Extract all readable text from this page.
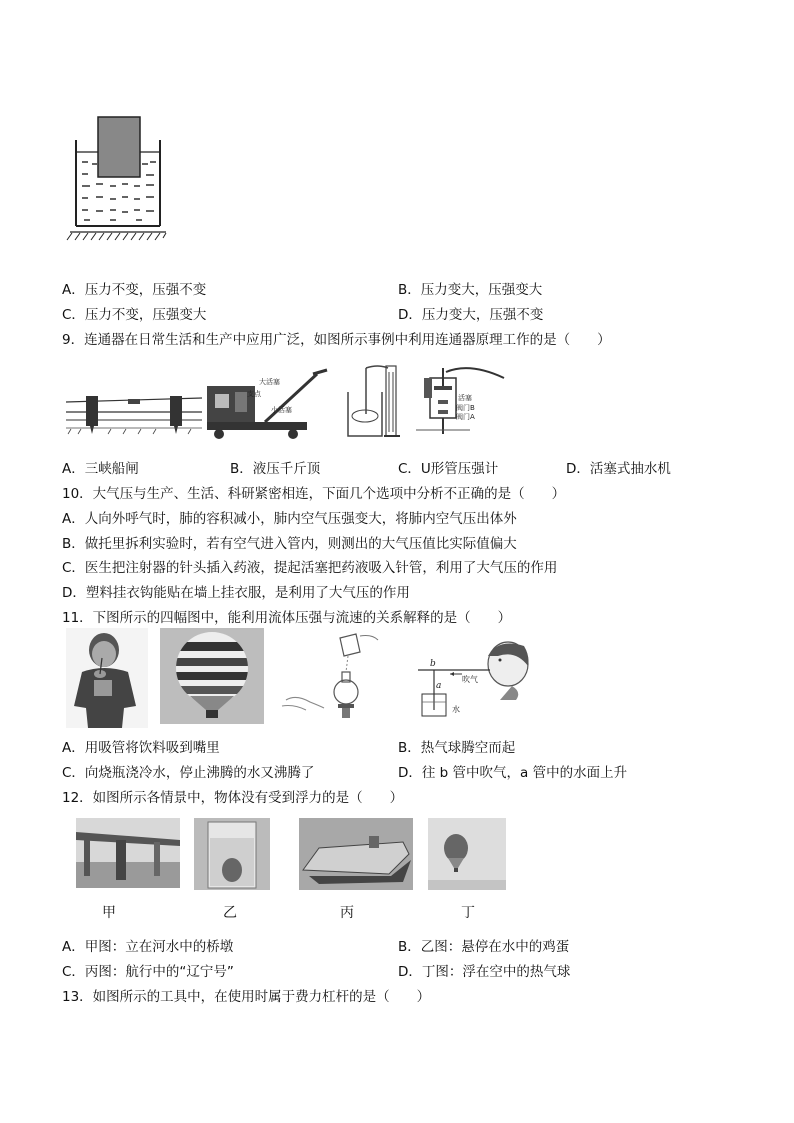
A．压力不变，压强不变	B．压力变大，压强变大
C．压力不变，压强变大	D．压力变大，压强不变
9．连通器在日常生活和生产中应用广泛，如图所示事例中利用连通器原理工作的是（　　）
大活塞
支点
小活塞
活塞
阀门B
阀门A
A．三峡船闸	B．液压千斤顶	C．U形管压强计	D．活塞式抽水机
10．大气压与生产、生活、科研紧密相连，下面几个选项中分析不正确的是（　　）
A．人向外呼气时，肺的容积减小，肺内空气压强变大，将肺内空气压出体外
B．做托里拆利实验时，若有空气进入管内，则测出的大气压值比实际值偏大
C．医生把注射器的针头插入药液，提起活塞把药液吸入针管，利用了大气压的作用
D．塑料挂衣钩能贴在墙上挂衣服，是利用了大气压的作用
11．下图所示的四幅图中，能利用流体压强与流速的关系解释的是（　　）
b
a
吹气
水
A．用吸管将饮料吸到嘴里	B．热气球腾空而起
C．向烧瓶浇冷水，停止沸腾的水又沸腾了	D．往 b 管中吹气，a 管中的水面上升
12．如图所示各情景中，物体没有受到浮力的是（　　）
甲	乙	丙	丁
A．甲图：立在河水中的桥墩	B．乙图：悬停在水中的鸡蛋
C．丙图：航行中的“辽宁号”	D．丁图：浮在空中的热气球
13．如图所示的工具中，在使用时属于费力杠杆的是（　　）
